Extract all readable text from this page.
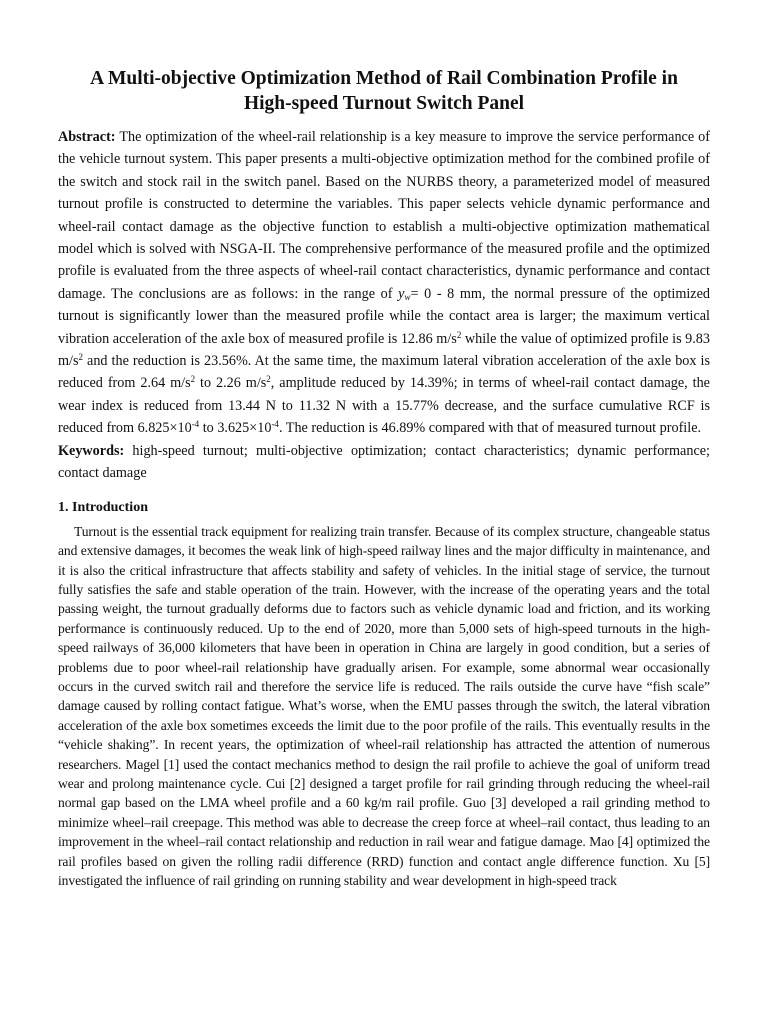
A Multi-objective Optimization Method of Rail Combination Profile in
High-speed Turnout Switch Panel

Abstract: The optimization of the wheel-rail relationship is a key measure to improve the service performance of the vehicle turnout system. This paper presents a multi-objective optimization method for the combined profile of the switch and stock rail in the switch panel. Based on the NURBS theory, a parameterized model of measured turnout profile is constructed to determine the variables. This paper selects vehicle dynamic performance and wheel-rail contact damage as the objective function to establish a multi-objective optimization mathematical model which is solved with NSGA-II. The comprehensive performance of the measured profile and the optimized profile is evaluated from the three aspects of wheel-rail contact characteristics, dynamic performance and contact damage. The conclusions are as follows: in the range of $y_w= 0 - 8$ mm, the normal pressure of the optimized turnout is significantly lower than the measured profile while the contact area is larger; the maximum vertical vibration acceleration of the axle box of measured profile is 12.86 $m/s^2$ while the value of optimized profile is 9.83 $m/s^2$ and the reduction is 23.56%. At the same time, the maximum lateral vibration acceleration of the axle box is reduced from 2.64 $m/s^2$ to 2.26 $m/s^2$, amplitude reduced by 14.39%; in terms of wheel-rail contact damage, the wear index is reduced from 13.44 N to 11.32 N with a 15.77% decrease, and the surface cumulative RCF is reduced from $6.825\times 10^{-4}$ to $3.625\times 10^{-4}$. The reduction is 46.89% compared with that of measured turnout profile.

Keywords: high-speed turnout; multi-objective optimization; contact characteristics; dynamic performance; contact damage

1. Introduction

Turnout is the essential track equipment for realizing train transfer. Because of its complex structure, changeable status and extensive damages, it becomes the weak link of high-speed railway lines and the major difficulty in maintenance, and it is also the critical infrastructure that affects stability and safety of vehicles. In the initial stage of service, the turnout fully satisfies the safe and stable operation of the train. However, with the increase of the operating years and the total passing weight, the turnout gradually deforms due to factors such as vehicle dynamic load and friction, and its working performance is continuously reduced. Up to the end of 2020, more than 5,000 sets of high-speed turnouts in the high-speed railways of 36,000 kilometers that have been in operation in China are largely in good condition, but a series of problems due to poor wheel-rail relationship have gradually arisen. For example, some abnormal wear occasionally occurs in the curved switch rail and therefore the service life is reduced. The rails outside the curve have “fish scale” damage caused by rolling contact fatigue. What’s worse, when the EMU passes through the switch, the lateral vibration acceleration of the axle box sometimes exceeds the limit due to the poor profile of the rails. This eventually results in the “vehicle shaking”. In recent years, the optimization of wheel-rail relationship has attracted the attention of numerous researchers. Magel [1] used the contact mechanics method to design the rail profile to achieve the goal of uniform tread wear and prolong maintenance cycle. Cui [2] designed a target profile for rail grinding through reducing the wheel-rail normal gap based on the LMA wheel profile and a 60 kg/m rail profile. Guo [3] developed a rail grinding method to minimize wheel–rail creepage. This method was able to decrease the creep force at wheel–rail contact, thus leading to an improvement in the wheel–rail contact relationship and reduction in rail wear and fatigue damage. Mao [4] optimized the rail profiles based on given the rolling radii difference (RRD) function and contact angle difference function. Xu [5] investigated the influence of rail grinding on running stability and wear development in high-speed track
